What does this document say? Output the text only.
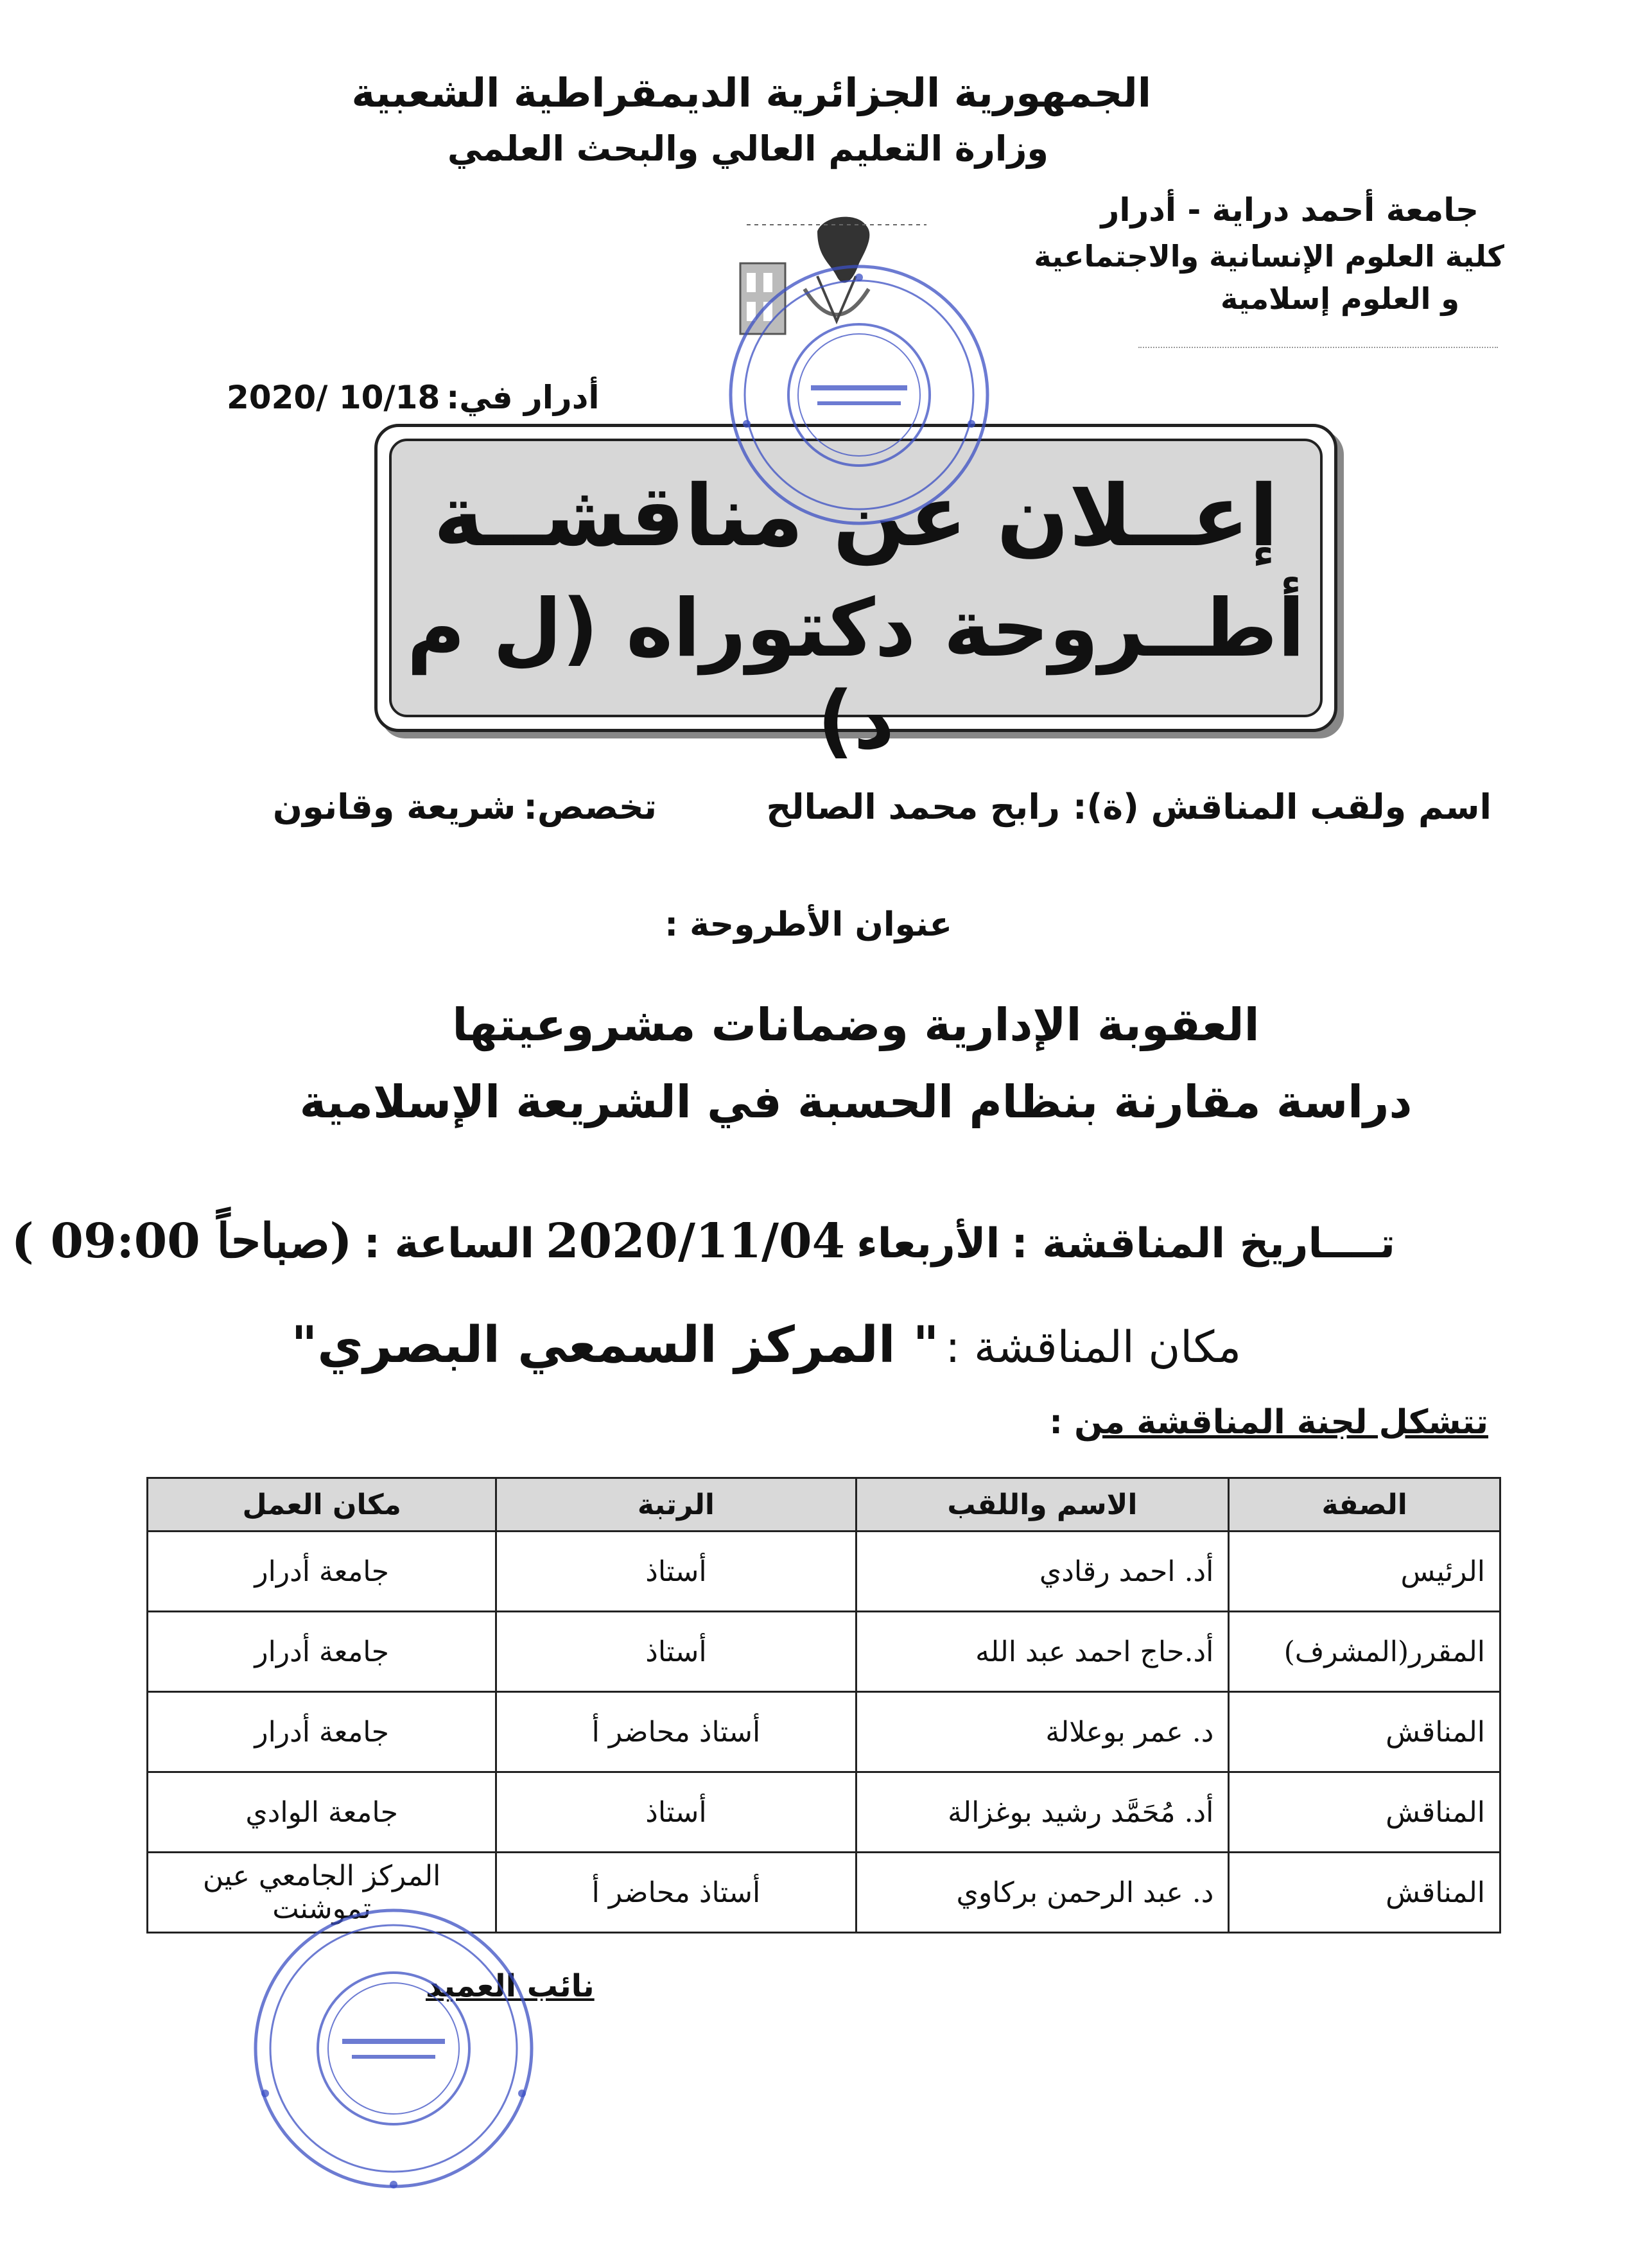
الجمهورية الجزائرية الديمقراطية الشعبية
وزارة التعليم العالي والبحث العلمي
جامعة أحمد دراية - أدرار
كلية العلوم الإنسانية والاجتماعية
و العلوم إسلامية
أدرار في:2020/ 10/18
إعــلان عن مناقشــة
أطــروحة دكتوراه (ل م د)
اسم ولقب المناقش (ة):رابح محمد الصالح
تخصص:شريعة وقانون
عنوان الأطروحة :
العقوبة الإدارية وضمانات مشروعيتها
دراسة مقارنة بنظام الحسبة في الشريعة الإسلامية
تــــاريخ المناقشة :الأربعاء2020/11/04الساعة :( 09:00 صباحاً)
مكان المناقشة :" المركز السمعي البصري"
تتشكل لجنة المناقشة من :
الصفة	الاسم واللقب	الرتبة	مكان العمل
الرئيس	أد. احمد رقادي	أستاذ	جامعة أدرار
المقرر(المشرف)	أد.حاج احمد عبد الله	أستاذ	جامعة أدرار
المناقش	د. عمر بوعلالة	أستاذ محاضر أ	جامعة أدرار
المناقش	أد. مُحَمَّد رشيد بوغزالة	أستاذ	جامعة الوادي
المناقش	د. عبد الرحمن بركاوي	أستاذ محاضر أ	المركز الجامعي عين تموشنت
نائب العميد
